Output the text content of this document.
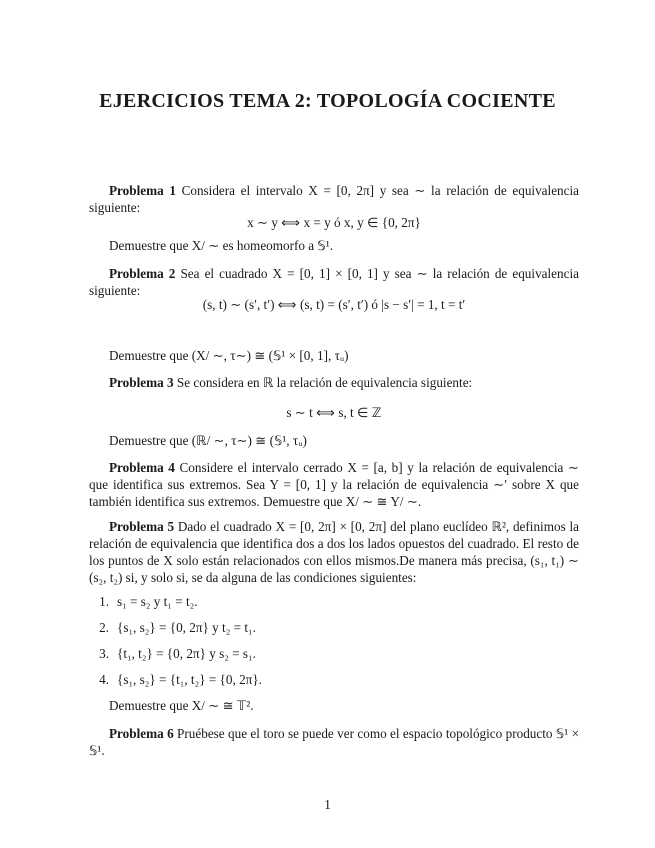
EJERCICIOS TEMA 2: TOPOLOGÍA COCIENTE
Problema 1 Considera el intervalo X = [0, 2π] y sea ∼ la relación de equivalencia siguiente:
x ∼ y ⟺ x = y ó x, y ∈ {0, 2π}
Demuestre que X/ ∼ es homeomorfo a 𝕊¹.
Problema 2 Sea el cuadrado X = [0, 1] × [0, 1] y sea ∼ la relación de equivalencia siguiente:
(s, t) ∼ (s′, t′) ⟺ (s, t) = (s′, t′) ó |s − s′| = 1, t = t′
Demuestre que (X/ ∼, τ∼) ≅ (𝕊¹ × [0, 1], τᵤ)
Problema 3 Se considera en ℝ la relación de equivalencia siguiente:
s ∼ t ⟺ s, t ∈ ℤ
Demuestre que (ℝ/ ∼, τ∼) ≅ (𝕊¹, τᵤ)
Problema 4 Considere el intervalo cerrado X = [a, b] y la relación de equivalencia ∼ que identifica sus extremos. Sea Y = [0, 1] y la relación de equivalencia ∼′ sobre X que también identifica sus extremos. Demuestre que X/ ∼ ≅ Y/ ∼.
Problema 5 Dado el cuadrado X = [0, 2π] × [0, 2π] del plano euclídeo ℝ², definimos la relación de equivalencia que identifica dos a dos los lados opuestos del cuadrado. El resto de los puntos de X solo están relacionados con ellos mismos.De manera más precisa, (s₁, t₁) ∼ (s₂, t₂) si, y solo si, se da alguna de las condiciones siguientes:
1. s₁ = s₂ y t₁ = t₂.
2. {s₁, s₂} = {0, 2π} y t₂ = t₁.
3. {t₁, t₂} = {0, 2π} y s₂ = s₁.
4. {s₁, s₂} = {t₁, t₂} = {0, 2π}.
Demuestre que X/ ∼ ≅ 𝕋².
Problema 6 Pruébese que el toro se puede ver como el espacio topológico producto 𝕊¹ × 𝕊¹.
1
